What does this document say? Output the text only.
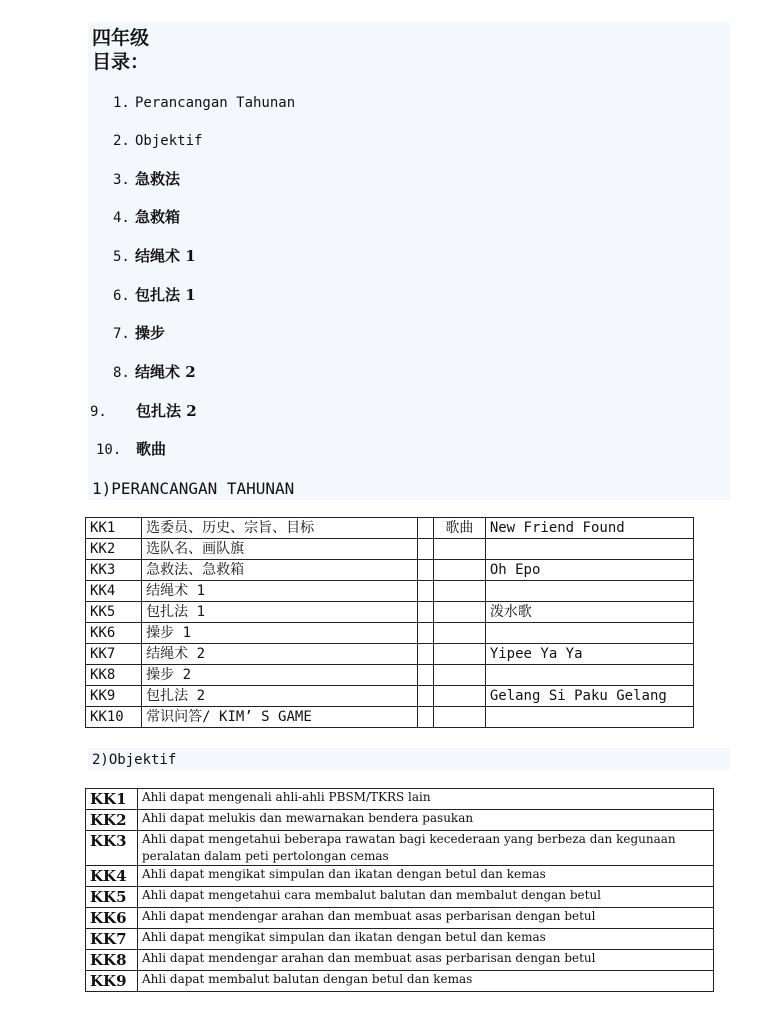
四年级
目录：
1. Perancangan Tahunan
2. Objektif
3. 急救法
4. 急救箱
5. 结绳术 1
6. 包扎法 1
7. 操步
8. 结绳术 2
9. 包扎法 2
10. 歌曲
1)PERANCANGAN TAHUNAN
KK1	选委员、历史、宗旨、目标		歌曲	New Friend Found
KK2	选队名、画队旗			
KK3	急救法、急救箱			Oh Epo
KK4	结绳术 1			
KK5	包扎法 1			泼水歌
KK6	操步 1			
KK7	结绳术 2			Yipee Ya Ya
KK8	操步 2			
KK9	包扎法 2			Gelang Si Paku Gelang
KK10	常识问答/ KIM’ S GAME			
2)Objektif
KK1	Ahli dapat mengenali ahli-ahli PBSM/TKRS lain
KK2	Ahli dapat melukis dan mewarnakan bendera pasukan
KK3	Ahli dapat mengetahui beberapa rawatan bagi kecederaan yang berbeza dan kegunaan peralatan dalam peti pertolongan cemas
KK4	Ahli dapat mengikat simpulan dan ikatan dengan betul dan kemas
KK5	Ahli dapat mengetahui cara membalut balutan dan membalut dengan betul
KK6	Ahli dapat mendengar arahan dan membuat asas perbarisan dengan betul
KK7	Ahli dapat mengikat simpulan dan ikatan dengan betul dan kemas
KK8	Ahli dapat mendengar arahan dan membuat asas perbarisan dengan betul
KK9	Ahli dapat membalut balutan dengan betul dan kemas
